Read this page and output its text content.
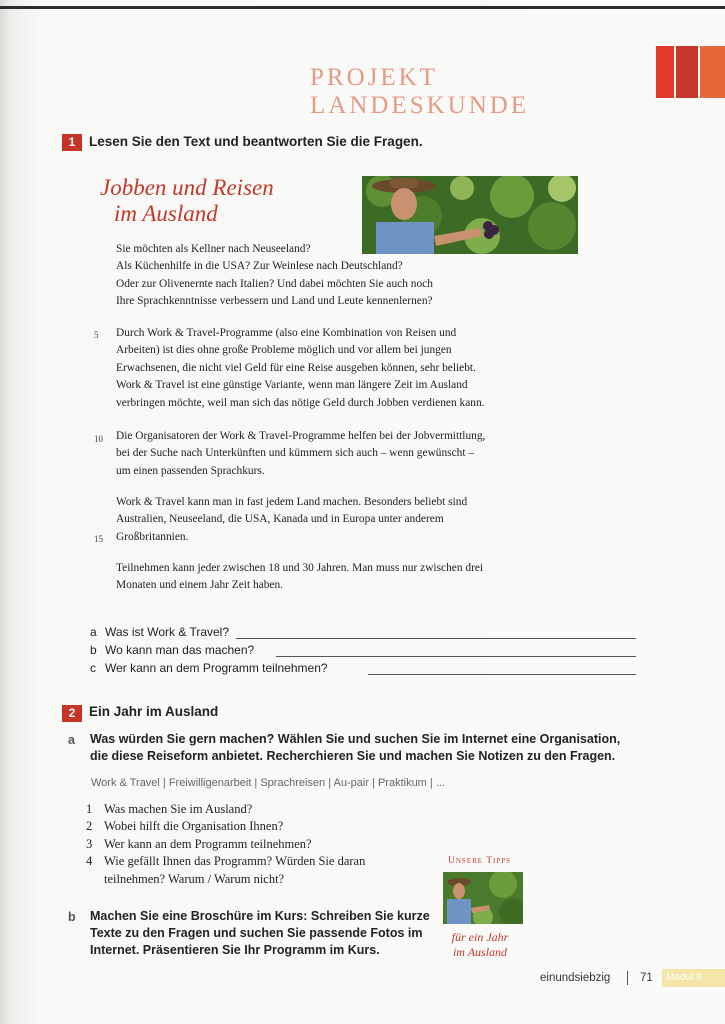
PROJEKT LANDESKUNDE
1	Lesen Sie den Text und beantworten Sie die Fragen.
Jobben und Reisen
im Ausland
Sie möchten als Kellner nach Neuseeland?
Als Küchenhilfe in die USA? Zur Weinlese nach Deutschland?
Oder zur Olivenernte nach Italien? Und dabei möchten Sie auch noch
Ihre Sprachkenntnisse verbessern und Land und Leute kennenlernen?
5 Durch Work & Travel-Programme (also eine Kombination von Reisen und
Arbeiten) ist dies ohne große Probleme möglich und vor allem bei jungen
Erwachsenen, die nicht viel Geld für eine Reise ausgeben können, sehr beliebt.
Work & Travel ist eine günstige Variante, wenn man längere Zeit im Ausland
verbringen möchte, weil man sich das nötige Geld durch Jobben verdienen kann.
10 Die Organisatoren der Work & Travel-Programme helfen bei der Jobvermittlung,
bei der Suche nach Unterkünften und kümmern sich auch – wenn gewünscht –
um einen passenden Sprachkurs.
Work & Travel kann man in fast jedem Land machen. Besonders beliebt sind
Australien, Neuseeland, die USA, Kanada und in Europa unter anderem
Großbritannien.
15
Teilnehmen kann jeder zwischen 18 und 30 Jahren. Man muss nur zwischen drei
Monaten und einem Jahr Zeit haben.
a Was ist Work & Travel?
b Wo kann man das machen?
c Wer kann an dem Programm teilnehmen?
2	Ein Jahr im Ausland
a Was würden Sie gern machen? Wählen Sie und suchen Sie im Internet eine Organisation,
die diese Reiseform anbietet. Recherchieren Sie und machen Sie Notizen zu den Fragen.
Work & Travel | Freiwilligenarbeit | Sprachreisen | Au-pair | Praktikum | ...
1 Was machen Sie im Ausland?
2 Wobei hilft die Organisation Ihnen?
3 Wer kann an dem Programm teilnehmen?
4 Wie gefällt Ihnen das Programm? Würden Sie daran
teilnehmen? Warum / Warum nicht?
Unsere Tipps
für ein Jahr
im Ausland
b Machen Sie eine Broschüre im Kurs: Schreiben Sie kurze
Texte zu den Fragen und suchen Sie passende Fotos im
Internet. Präsentieren Sie Ihr Programm im Kurs.
einundsiebzig	71	Modul 8
